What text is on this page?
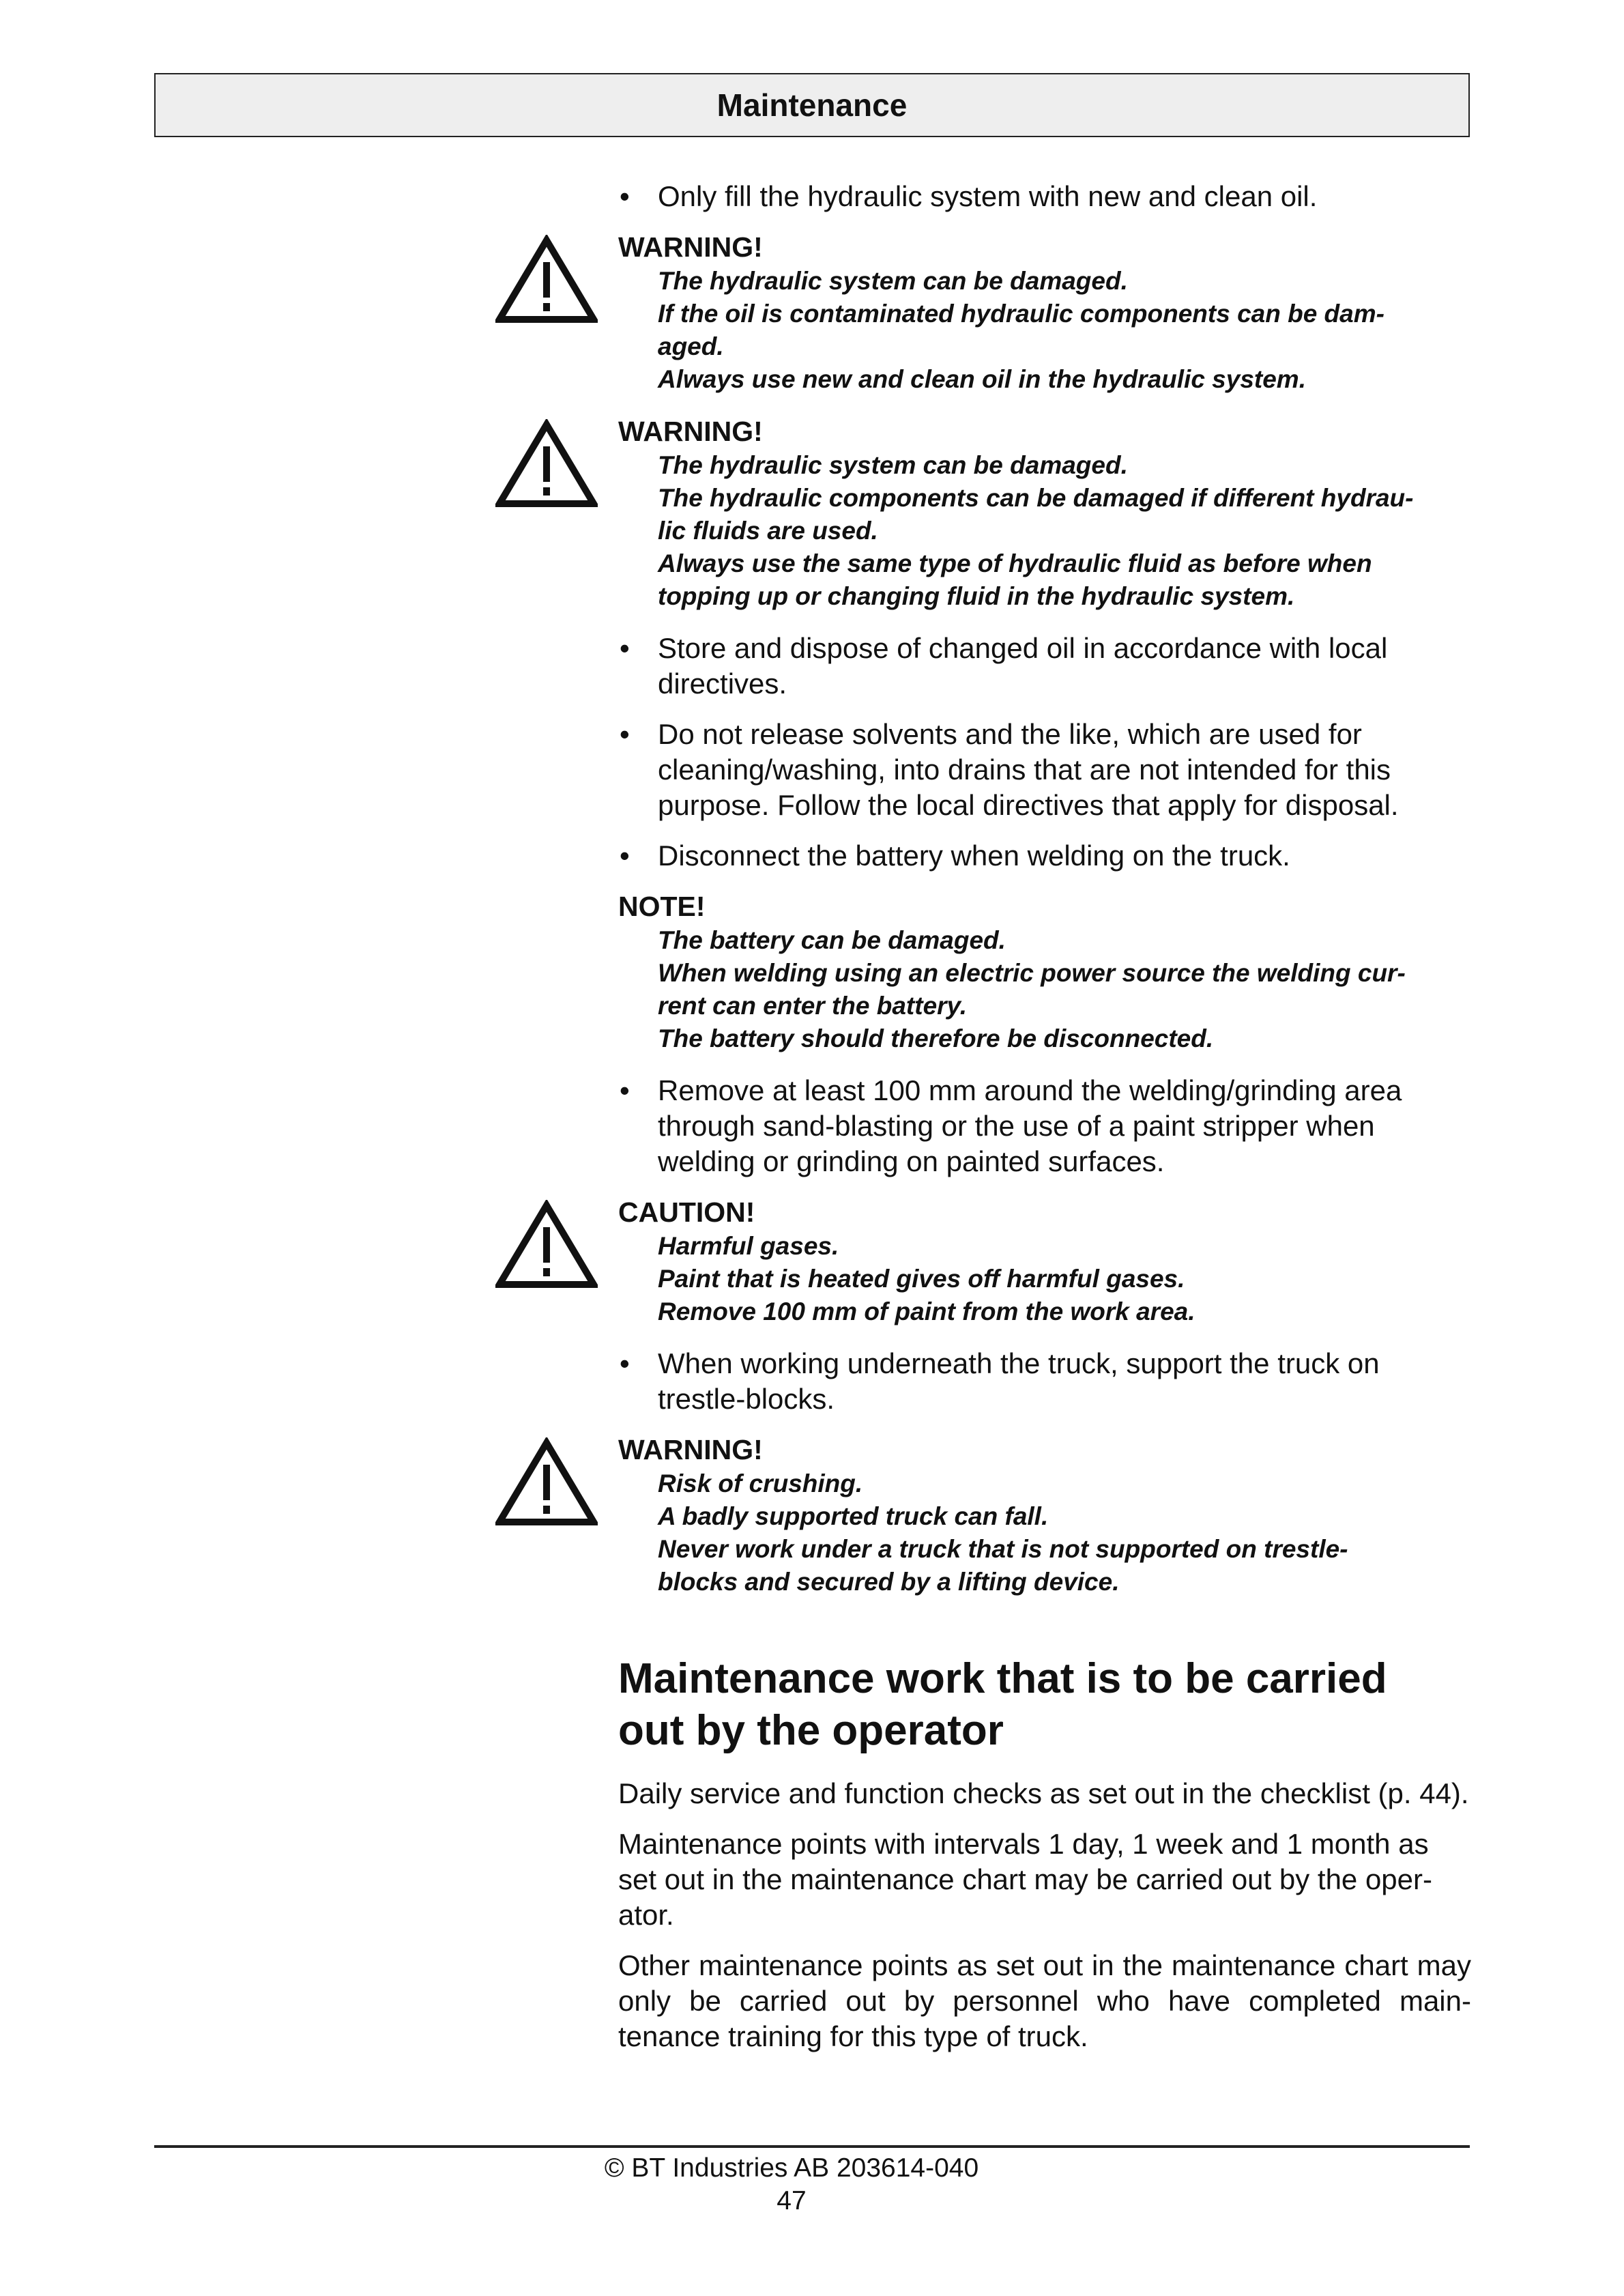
Maintenance
• Only fill the hydraulic system with new and clean oil.
WARNING!
The hydraulic system can be damaged.
If the oil is contaminated hydraulic components can be dam-
aged.
Always use new and clean oil in the hydraulic system.
WARNING!
The hydraulic system can be damaged.
The hydraulic components can be damaged if different hydrau-
lic fluids are used.
Always use the same type of hydraulic fluid as before when
topping up or changing fluid in the hydraulic system.
• Store and dispose of changed oil in accordance with local directives.
• Do not release solvents and the like, which are used for cleaning/washing, into drains that are not intended for this purpose. Follow the local directives that apply for disposal.
• Disconnect the battery when welding on the truck.
NOTE!
The battery can be damaged.
When welding using an electric power source the welding cur-
rent can enter the battery.
The battery should therefore be disconnected.
• Remove at least 100 mm around the welding/grinding area through sand-blasting or the use of a paint stripper when welding or grinding on painted surfaces.
CAUTION!
Harmful gases.
Paint that is heated gives off harmful gases.
Remove 100 mm of paint from the work area.
• When working underneath the truck, support the truck on trestle-blocks.
WARNING!
Risk of crushing.
A badly supported truck can fall.
Never work under a truck that is not supported on trestle-
blocks and secured by a lifting device.
Maintenance work that is to be carried out by the operator
Daily service and function checks as set out in the checklist (p. 44).
Maintenance points with intervals 1 day, 1 week and 1 month as set out in the maintenance chart may be carried out by the oper-ator.
Other maintenance points as set out in the maintenance chart may only be carried out by personnel who have completed main-tenance training for this type of truck.
© BT Industries AB 203614-040
47
